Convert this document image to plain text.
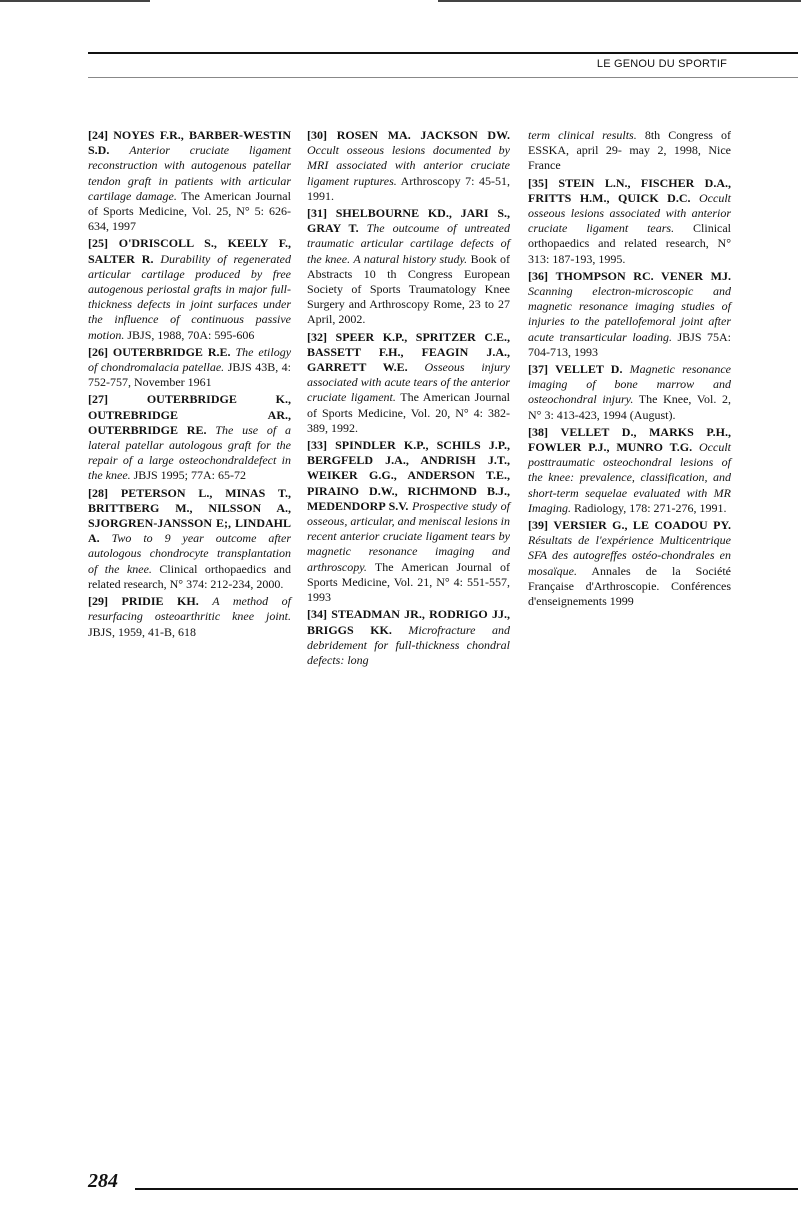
LE GENOU DU SPORTIF

[24] NOYES F.R., BARBER-WESTIN S.D. Anterior cruciate ligament reconstruction with autogenous patellar tendon graft in patients with articular cartilage damage. The American Journal of Sports Medicine, Vol. 25, N° 5: 626-634, 1997

[25] O'DRISCOLL S., KEELY F., SALTER R. Durability of regenerated articular cartilage produced by free autogenous periostal grafts in major full-thickness defects in joint surfaces under the influence of continuous passive motion. JBJS, 1988, 70A: 595-606

[26] OUTERBRIDGE R.E. The etilogy of chondromalacia patellae. JBJS 43B, 4: 752-757, November 1961

[27]	OUTERBRIDGE K., OUTREBRIDGE AR., OUTERBRIDGE RE. The use of a lateral patellar autologous graft for the repair of a large osteochondraldefect in the knee. JBJS 1995; 77A: 65-72

[28] PETERSON L., MINAS T., BRITTBERG M., NILSSON A., SJORGREN-JANSSON E;, LINDAHL A. Two to 9 year outcome after autologous chondrocyte transplantation of the knee. Clinical orthopaedics and related research, N° 374: 212-234, 2000.

[29] PRIDIE KH. A method of resurfacing osteoarthritic knee joint. JBJS, 1959, 41-B, 618

[30] ROSEN MA. JACKSON DW. Occult osseous lesions documented by MRI associated with anterior cruciate ligament ruptures. Arthroscopy 7: 45-51, 1991.

[31] SHELBOURNE KD., JARI S., GRAY T. The outcoume of untreated traumatic articular cartilage defects of the knee. A natural history study. Book of Abstracts 10 th Congress European Society of Sports Traumatology Knee Surgery and Arthroscopy Rome, 23 to 27 April, 2002.

[32] SPEER K.P., SPRITZER C.E., BASSETT F.H., FEAGIN J.A., GARRETT W.E. Osseous injury associated with acute tears of the anterior cruciate ligament. The American Journal of Sports Medicine, Vol. 20, N° 4: 382-389, 1992.

[33] SPINDLER K.P., SCHILS J.P., BERGFELD J.A., ANDRISH J.T., WEIKER G.G., ANDERSON T.E., PIRAINO D.W., RICHMOND B.J., MEDENDORP S.V. Prospective study of osseous, articular, and meniscal lesions in recent anterior cruciate ligament tears by magnetic resonance imaging and arthroscopy. The American Journal of Sports Medicine, Vol. 21, N° 4: 551-557, 1993

[34] STEADMAN JR., RODRIGO JJ., BRIGGS KK. Microfracture and debridement for full-thickness chondral defects: long

term clinical results. 8th Congress of ESSKA, april 29- may 2, 1998, Nice France

[35] STEIN L.N., FISCHER D.A., FRITTS H.M., QUICK D.C. Occult osseous lesions associated with anterior cruciate ligament tears. Clinical orthopaedics and related research, N° 313: 187-193, 1995.

[36] THOMPSON RC. VENER MJ. Scanning electron-microscopic and magnetic resonance imaging studies of injuries to the patellofemoral joint after acute transarticular loading. JBJS 75A: 704-713, 1993

[37] VELLET D. Magnetic resonance imaging of bone marrow and osteochondral injury. The Knee, Vol. 2, N° 3: 413-423, 1994 (August).

[38] VELLET D., MARKS P.H., FOWLER P.J., MUNRO T.G. Occult posttraumatic osteochondral lesions of the knee: prevalence, classification, and short-term sequelae evaluated with MR Imaging. Radiology, 178: 271-276, 1991.

[39] VERSIER G., LE COADOU PY. Résultats de l'expérience Multicentrique SFA des autogreffes ostéo-chondrales en mosaïque. Annales de la Société Française d'Arthroscopie. Conférences d'enseignements 1999

284
